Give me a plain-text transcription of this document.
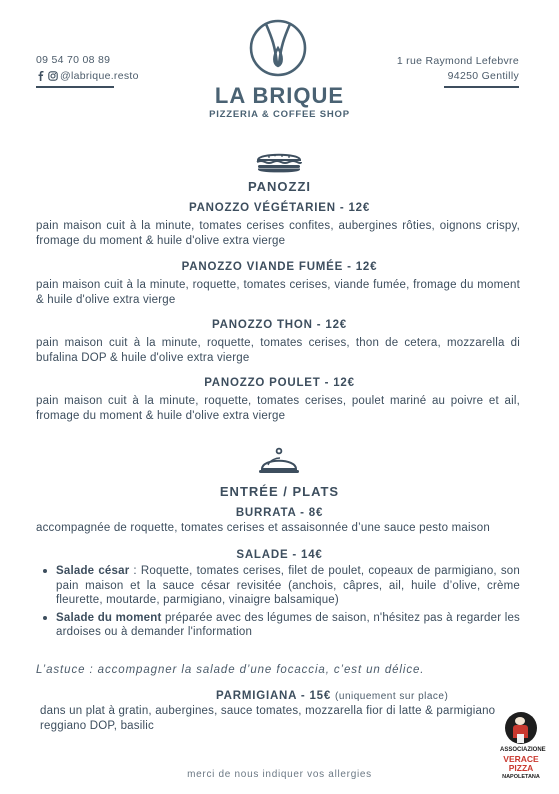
09 54 70 08 89
@labrique.resto
1 rue Raymond Lefebvre
94250 Gentilly
LA BRIQUE
PIZZERIA & COFFEE SHOP
PANOZZI
PANOZZO VÉGÉTARIEN - 12€
pain maison cuit à la minute, tomates cerises confites, aubergines rôties, oignons crispy, fromage du moment & huile d'olive extra vierge
PANOZZO VIANDE FUMÉE - 12€
pain maison cuit à la minute, roquette, tomates cerises, viande fumée, fromage du moment & huile d'olive extra vierge
PANOZZO THON - 12€
pain maison cuit à la minute, roquette, tomates cerises, thon de cetera, mozzarella di bufalina DOP & huile d'olive extra vierge
PANOZZO POULET - 12€
pain maison cuit à la minute, roquette, tomates cerises, poulet mariné au poivre et ail, fromage du moment & huile d'olive extra vierge
ENTRÉE / PLATS
BURRATA - 8€
accompagnée de roquette, tomates cerises et assaisonnée d’une sauce pesto maison
SALADE - 14€
Salade césar : Roquette, tomates cerises, filet de poulet, copeaux de parmigiano, son pain maison et la sauce césar revisitée (anchois, câpres, ail, huile d’olive, crème fleurette, moutarde, parmigiano, vinaigre balsamique)
Salade du moment préparée avec des légumes de saison, n'hésitez pas à regarder les ardoises ou à demander l'information
L’astuce : accompagner la salade d’une focaccia, c’est un délice.
PARMIGIANA - 15€ (uniquement sur place)
dans un plat à gratin, aubergines, sauce tomates, mozzarella fior di latte & parmigiano reggiano DOP, basilic
ASSOCIAZIONE
VERACE
PIZZA
NAPOLETANA
merci de nous indiquer vos allergies
